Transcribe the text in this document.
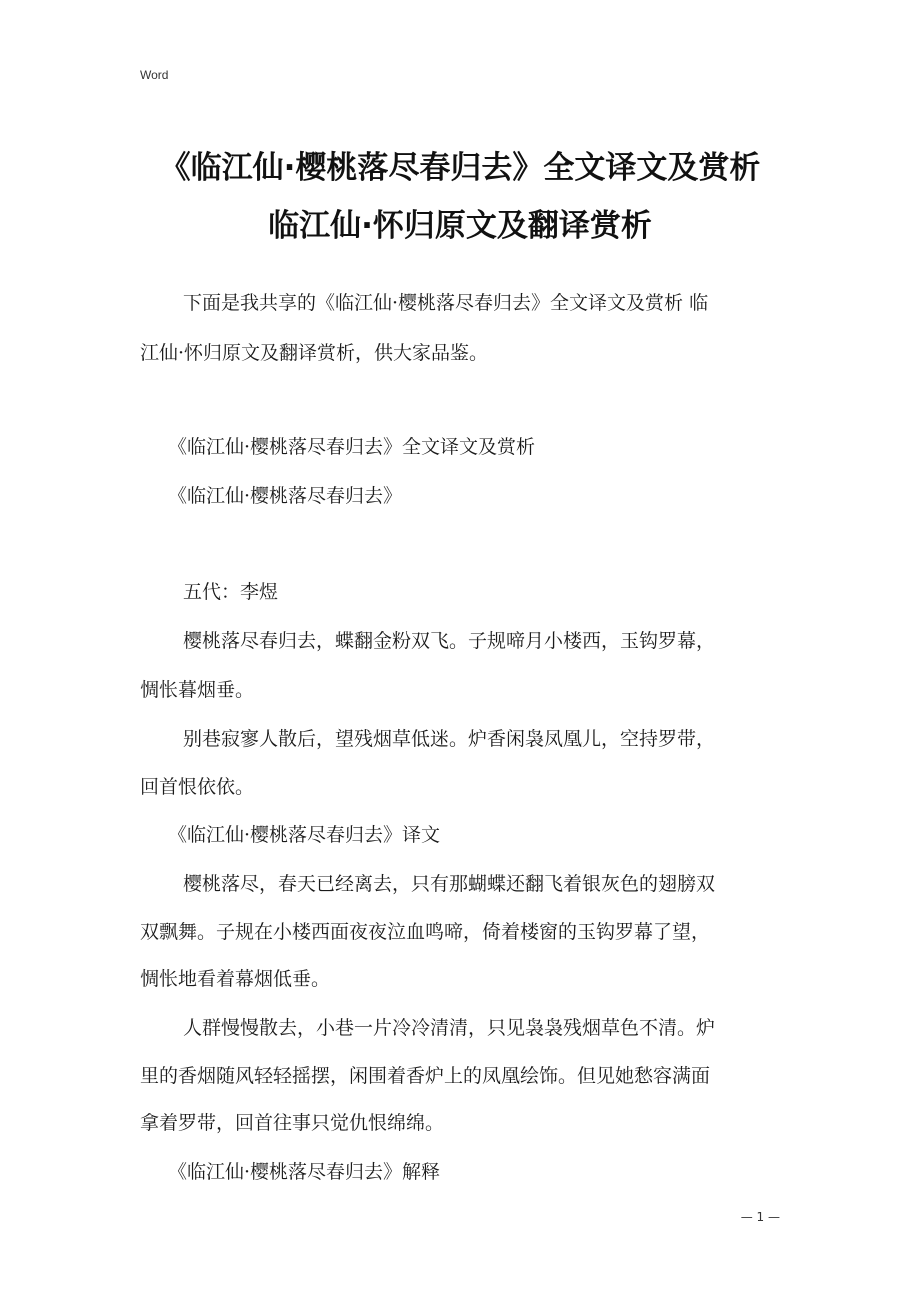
Word
《临江仙·樱桃落尽春归去》全文译文及赏析
临江仙·怀归原文及翻译赏析
下面是我共享的《临江仙·樱桃落尽春归去》全文译文及赏析 临
江仙·怀归原文及翻译赏析，供大家品鉴。
《临江仙·樱桃落尽春归去》全文译文及赏析
《临江仙·樱桃落尽春归去》
五代：李煜
樱桃落尽春归去，蝶翻金粉双飞。子规啼月小楼西，玉钩罗幕，
惆怅暮烟垂。
别巷寂寥人散后，望残烟草低迷。炉香闲袅凤凰儿，空持罗带，
回首恨依依。
《临江仙·樱桃落尽春归去》译文
樱桃落尽，春天已经离去，只有那蝴蝶还翻飞着银灰色的翅膀双
双飘舞。子规在小楼西面夜夜泣血鸣啼，倚着楼窗的玉钩罗幕了望，
惆怅地看着幕烟低垂。
人群慢慢散去，小巷一片冷冷清清，只见袅袅残烟草色不清。炉
里的香烟随风轻轻摇摆，闲围着香炉上的凤凰绘饰。但见她愁容满面
拿着罗带，回首往事只觉仇恨绵绵。
《临江仙·樱桃落尽春归去》解释
— 1 —
